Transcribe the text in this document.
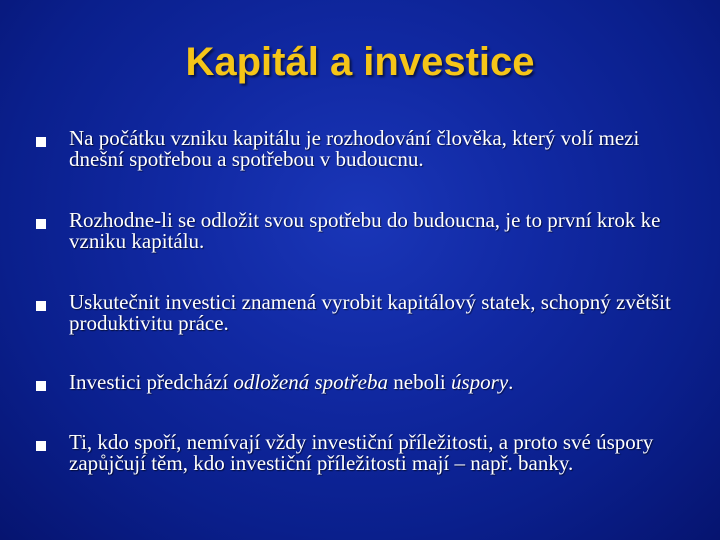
Kapitál a investice
Na počátku vzniku kapitálu je rozhodování člověka, který volí mezi dnešní spotřebou a spotřebou v budoucnu.
Rozhodne-li se odložit svou spotřebu do budoucna, je to první krok ke vzniku kapitálu.
Uskutečnit investici znamená vyrobit kapitálový statek, schopný zvětšit produktivitu práce.
Investici předchází odložená spotřeba neboli úspory.
Ti, kdo spoří, nemívají vždy investiční příležitosti, a proto své úspory zapůjčují těm, kdo investiční příležitosti mají – např. banky.
